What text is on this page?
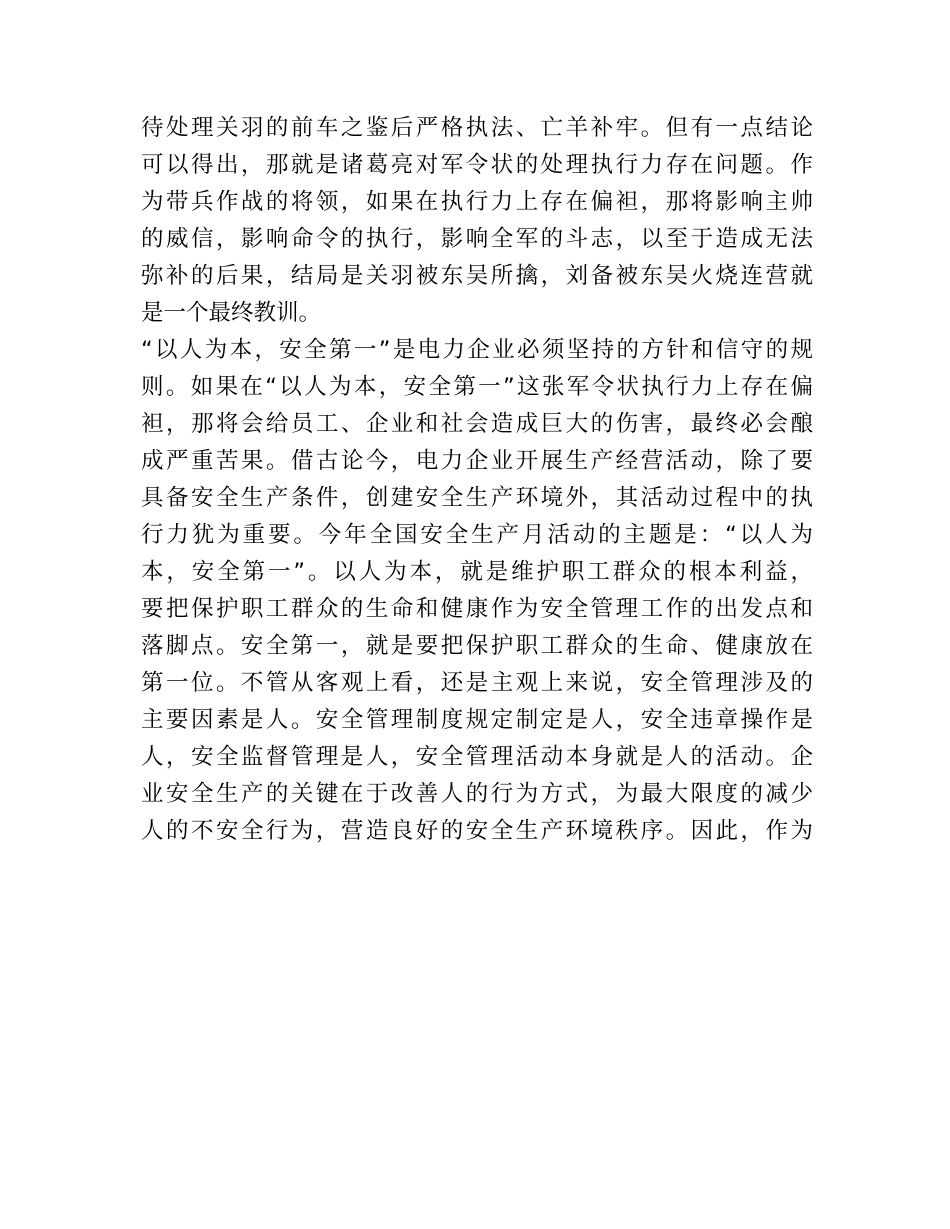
待处理关羽的前车之鉴后严格执法、亡羊补牢。但有一点结论
可以得出，那就是诸葛亮对军令状的处理执行力存在问题。作
为带兵作战的将领，如果在执行力上存在偏袒，那将影响主帅
的威信，影响命令的执行，影响全军的斗志，以至于造成无法
弥补的后果，结局是关羽被东吴所擒，刘备被东吴火烧连营就
是一个最终教训。
“以人为本，安全第一”是电力企业必须坚持的方针和信守的规
则。如果在“以人为本，安全第一”这张军令状执行力上存在偏
袒，那将会给员工、企业和社会造成巨大的伤害，最终必会酿
成严重苦果。借古论今，电力企业开展生产经营活动，除了要
具备安全生产条件，创建安全生产环境外，其活动过程中的执
行力犹为重要。今年全国安全生产月活动的主题是：“以人为
本，安全第一”。以人为本，就是维护职工群众的根本利益，
要把保护职工群众的生命和健康作为安全管理工作的出发点和
落脚点。安全第一，就是要把保护职工群众的生命、健康放在
第一位。不管从客观上看，还是主观上来说，安全管理涉及的
主要因素是人。安全管理制度规定制定是人，安全违章操作是
人，安全监督管理是人，安全管理活动本身就是人的活动。企
业安全生产的关键在于改善人的行为方式，为最大限度的减少
人的不安全行为，营造良好的安全生产环境秩序。因此，作为
